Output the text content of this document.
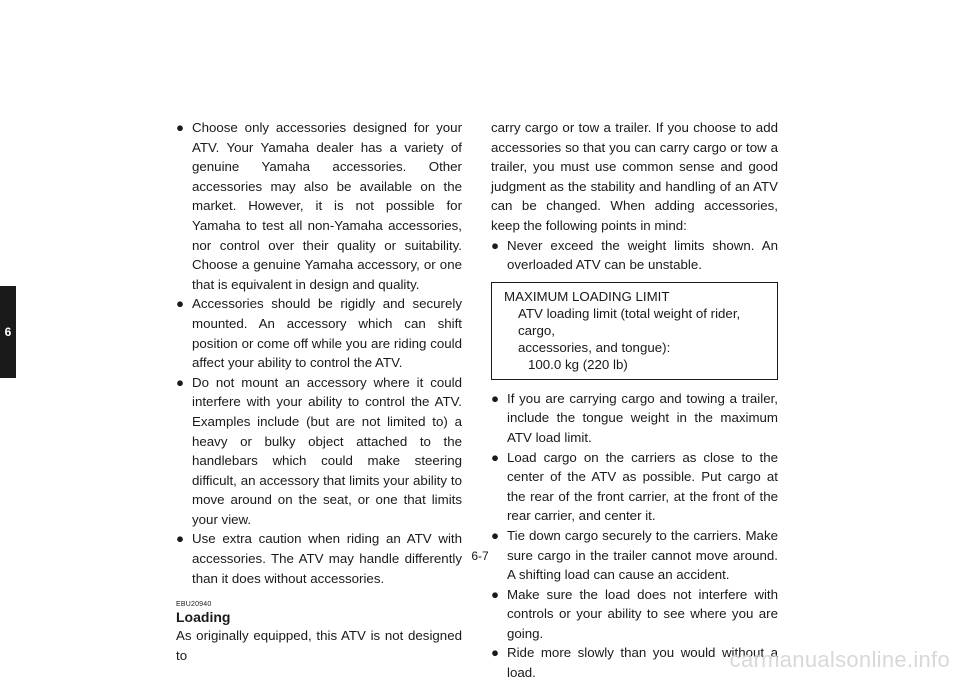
6
● Choose only accessories designed for your ATV. Your Yamaha dealer has a variety of genuine Yamaha accessories. Other accessories may also be available on the market. However, it is not possible for Yamaha to test all non-Yamaha accessories, nor control over their quality or suitability. Choose a genuine Yamaha accessory, or one that is equivalent in design and quality.
● Accessories should be rigidly and securely mounted. An accessory which can shift position or come off while you are riding could affect your ability to control the ATV.
● Do not mount an accessory where it could interfere with your ability to control the ATV. Examples include (but are not limited to) a heavy or bulky object attached to the handlebars which could make steering difficult, an accessory that limits your ability to move around on the seat, or one that limits your view.
● Use extra caution when riding an ATV with accessories. The ATV may handle differently than it does without accessories.
EBU20940
Loading
As originally equipped, this ATV is not designed to
carry cargo or tow a trailer. If you choose to add accessories so that you can carry cargo or tow a trailer, you must use common sense and good judgment as the stability and handling of an ATV can be changed. When adding accessories, keep the following points in mind:
● Never exceed the weight limits shown. An overloaded ATV can be unstable.
MAXIMUM LOADING LIMIT
ATV loading limit (total weight of rider, cargo,
accessories, and tongue):
100.0 kg (220 lb)
● If you are carrying cargo and towing a trailer, include the tongue weight in the maximum ATV load limit.
● Load cargo on the carriers as close to the center of the ATV as possible. Put cargo at the rear of the front carrier, at the front of the rear carrier, and center it.
● Tie down cargo securely to the carriers. Make sure cargo in the trailer cannot move around. A shifting load can cause an accident.
● Make sure the load does not interfere with controls or your ability to see where you are going.
● Ride more slowly than you would without a load.
6-7
carmanualsonline.info
